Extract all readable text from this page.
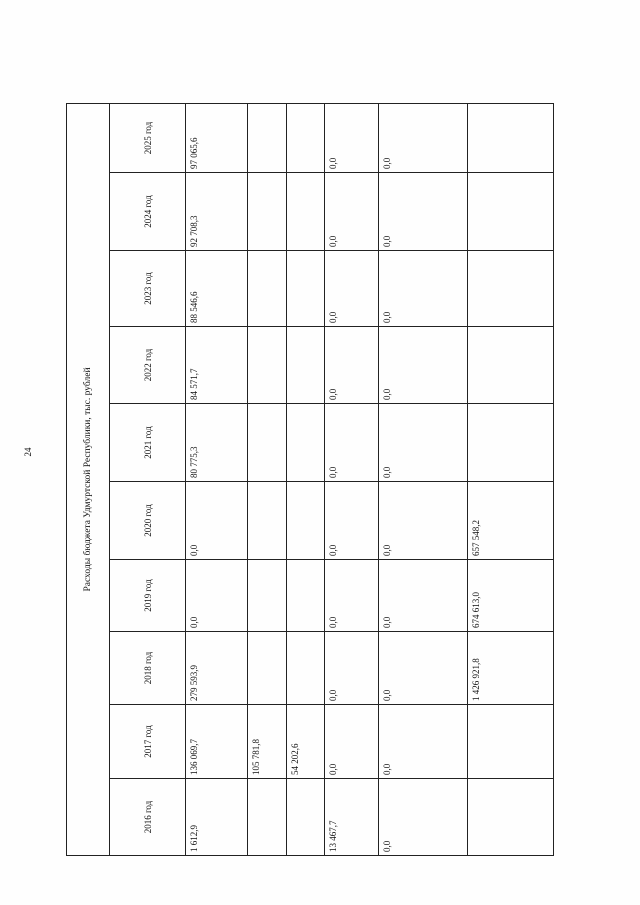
24	Расходы бюджета Удмуртской Республики, тыс. рублей									
2016 год	2017 год	2018 год	2019 год	2020 год	2021 год	2022 год	2023 год	2024 год	2025 год
1 612,9	136 069,7	279 593,9	0,0	0,0	80 775,3	84 571,7	88 546,6	92 708,3	97 065,6
	105 781,8								
	54 202,6								
13 467,7	0,0	0,0	0,0	0,0	0,0	0,0	0,0	0,0	0,0
0,0	0,0	0,0	0,0	0,0	0,0	0,0	0,0	0,0	0,0
		1 426 921,8	674 613,0	657 548,2					
